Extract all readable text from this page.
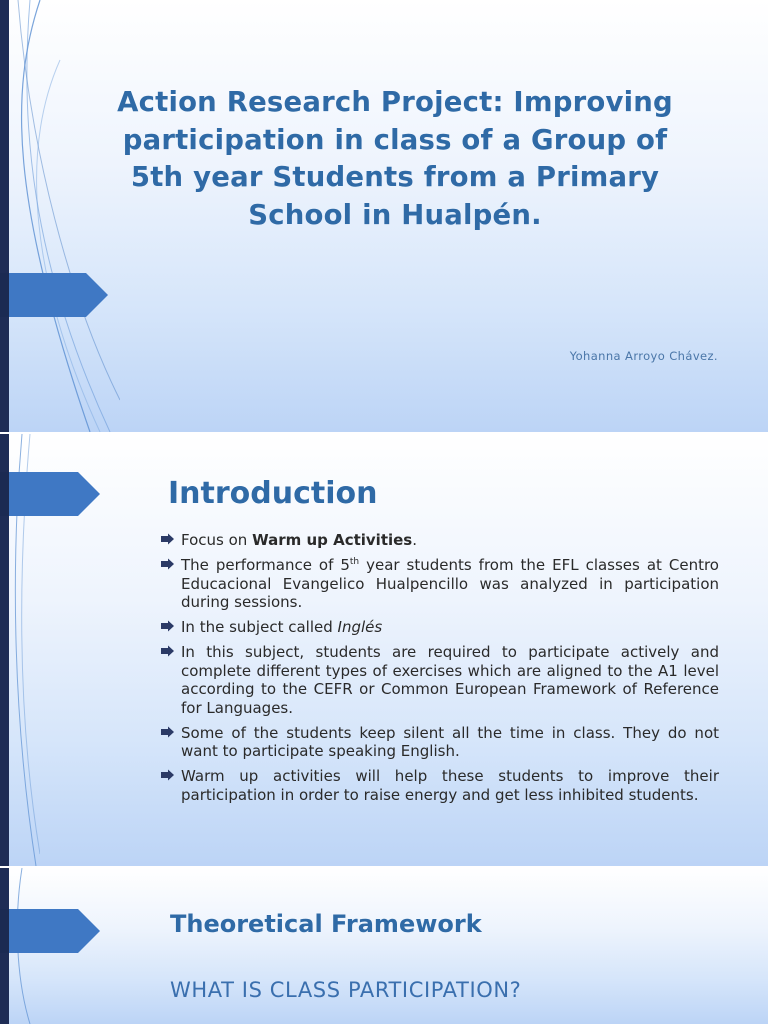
Action Research Project: Improving
participation in class of a Group of
5th year Students from a Primary
School in Hualpén.
Yohanna Arroyo Chávez.
Introduction
Focus on Warm up Activities.
The performance of 5th year students from the EFL classes at Centro Educacional Evangelico Hualpencillo was analyzed in participation during sessions.
In the subject called Inglés
In this subject, students are required to participate actively and complete different types of exercises which are aligned to the A1 level according to the CEFR or Common European Framework of Reference for Languages.
Some of the students keep silent all the time in class. They do not want to participate speaking English.
Warm up activities will help these students to improve their participation in order to raise energy and get less inhibited students.
Theoretical Framework
WHAT IS CLASS PARTICIPATION?
